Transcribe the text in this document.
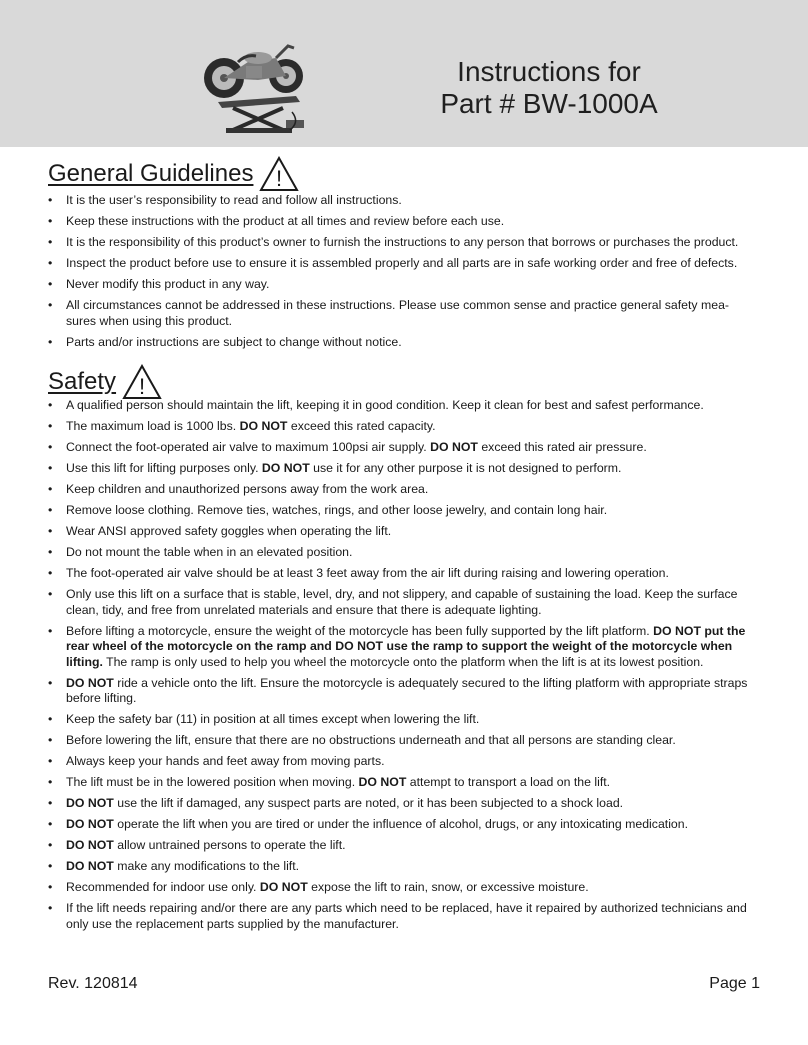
Instructions for
Part # BW-1000A
General Guidelines !
• It is the user’s responsibility to read and follow all instructions.
• Keep these instructions with the product at all times and review before each use.
• It is the responsibility of this product’s owner to furnish the instructions to any person that borrows or purchases the product.
• Inspect the product before use to ensure it is assembled properly and all parts are in safe working order and free of defects.
• Never modify this product in any way.
• All circumstances cannot be addressed in these instructions. Please use common sense and practice general safety mea-
sures when using this product.
• Parts and/or instructions are subject to change without notice.
Safety !
• A qualified person should maintain the lift, keeping it in good condition. Keep it clean for best and safest performance.
• The maximum load is 1000 lbs. DO NOT exceed this rated capacity.
• Connect the foot-operated air valve to maximum 100psi air supply. DO NOT exceed this rated air pressure.
• Use this lift for lifting purposes only. DO NOT use it for any other purpose it is not designed to perform.
• Keep children and unauthorized persons away from the work area.
• Remove loose clothing. Remove ties, watches, rings, and other loose jewelry, and contain long hair.
• Wear ANSI approved safety goggles when operating the lift.
• Do not mount the table when in an elevated position.
• The foot-operated air valve should be at least 3 feet away from the air lift during raising and lowering operation.
• Only use this lift on a surface that is stable, level, dry, and not slippery, and capable of sustaining the load. Keep the surface clean, tidy, and free from unrelated materials and ensure that there is adequate lighting.
• Before lifting a motorcycle, ensure the weight of the motorcycle has been fully supported by the lift platform. DO NOT put the rear wheel of the motorcycle on the ramp and DO NOT use the ramp to support the weight of the motorcycle when lifting. The ramp is only used to help you wheel the motorcycle onto the platform when the lift is at its lowest position.
• DO NOT ride a vehicle onto the lift. Ensure the motorcycle is adequately secured to the lifting platform with appropriate straps before lifting.
• Keep the safety bar (11) in position at all times except when lowering the lift.
• Before lowering the lift, ensure that there are no obstructions underneath and that all persons are standing clear.
• Always keep your hands and feet away from moving parts.
• The lift must be in the lowered position when moving. DO NOT attempt to transport a load on the lift.
• DO NOT use the lift if damaged, any suspect parts are noted, or it has been subjected to a shock load.
• DO NOT operate the lift when you are tired or under the influence of alcohol, drugs, or any intoxicating medication.
• DO NOT allow untrained persons to operate the lift.
• DO NOT make any modifications to the lift.
• Recommended for indoor use only. DO NOT expose the lift to rain, snow, or excessive moisture.
• If the lift needs repairing and/or there are any parts which need to be replaced, have it repaired by authorized technicians and only use the replacement parts supplied by the manufacturer.
Rev. 120814	Page 1
